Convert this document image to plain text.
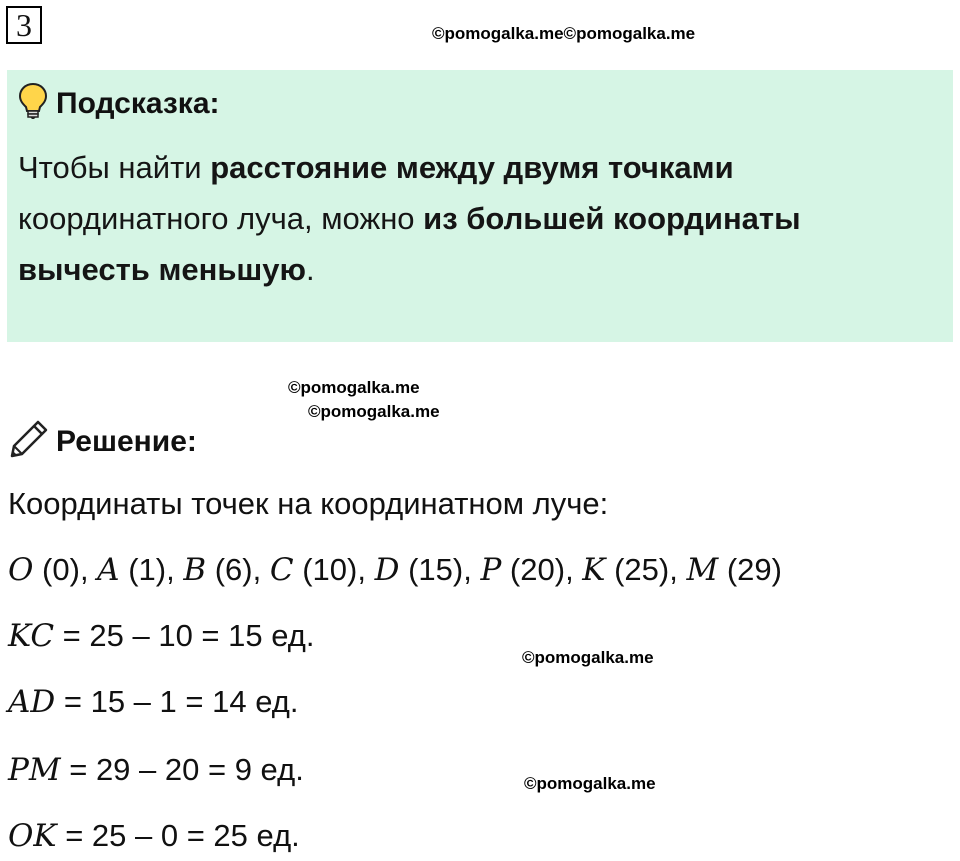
3	©pomogalka.me©pomogalka.me
Подсказка:
Чтобы найти расстояние между двумя точками
координатного луча, можно из большей координаты
вычесть меньшую.
©pomogalka.me
©pomogalka.me
Решение:
Координаты точек на координатном луче:
O (0), A (1), B (6), C (10), D (15), P (20), K (25), M (29)
KC = 25 – 10 = 15 ед.
©pomogalka.me
AD = 15 – 1 = 14 ед.
PM = 29 – 20 = 9 ед.	©pomogalka.me
OK = 25 – 0 = 25 ед.
